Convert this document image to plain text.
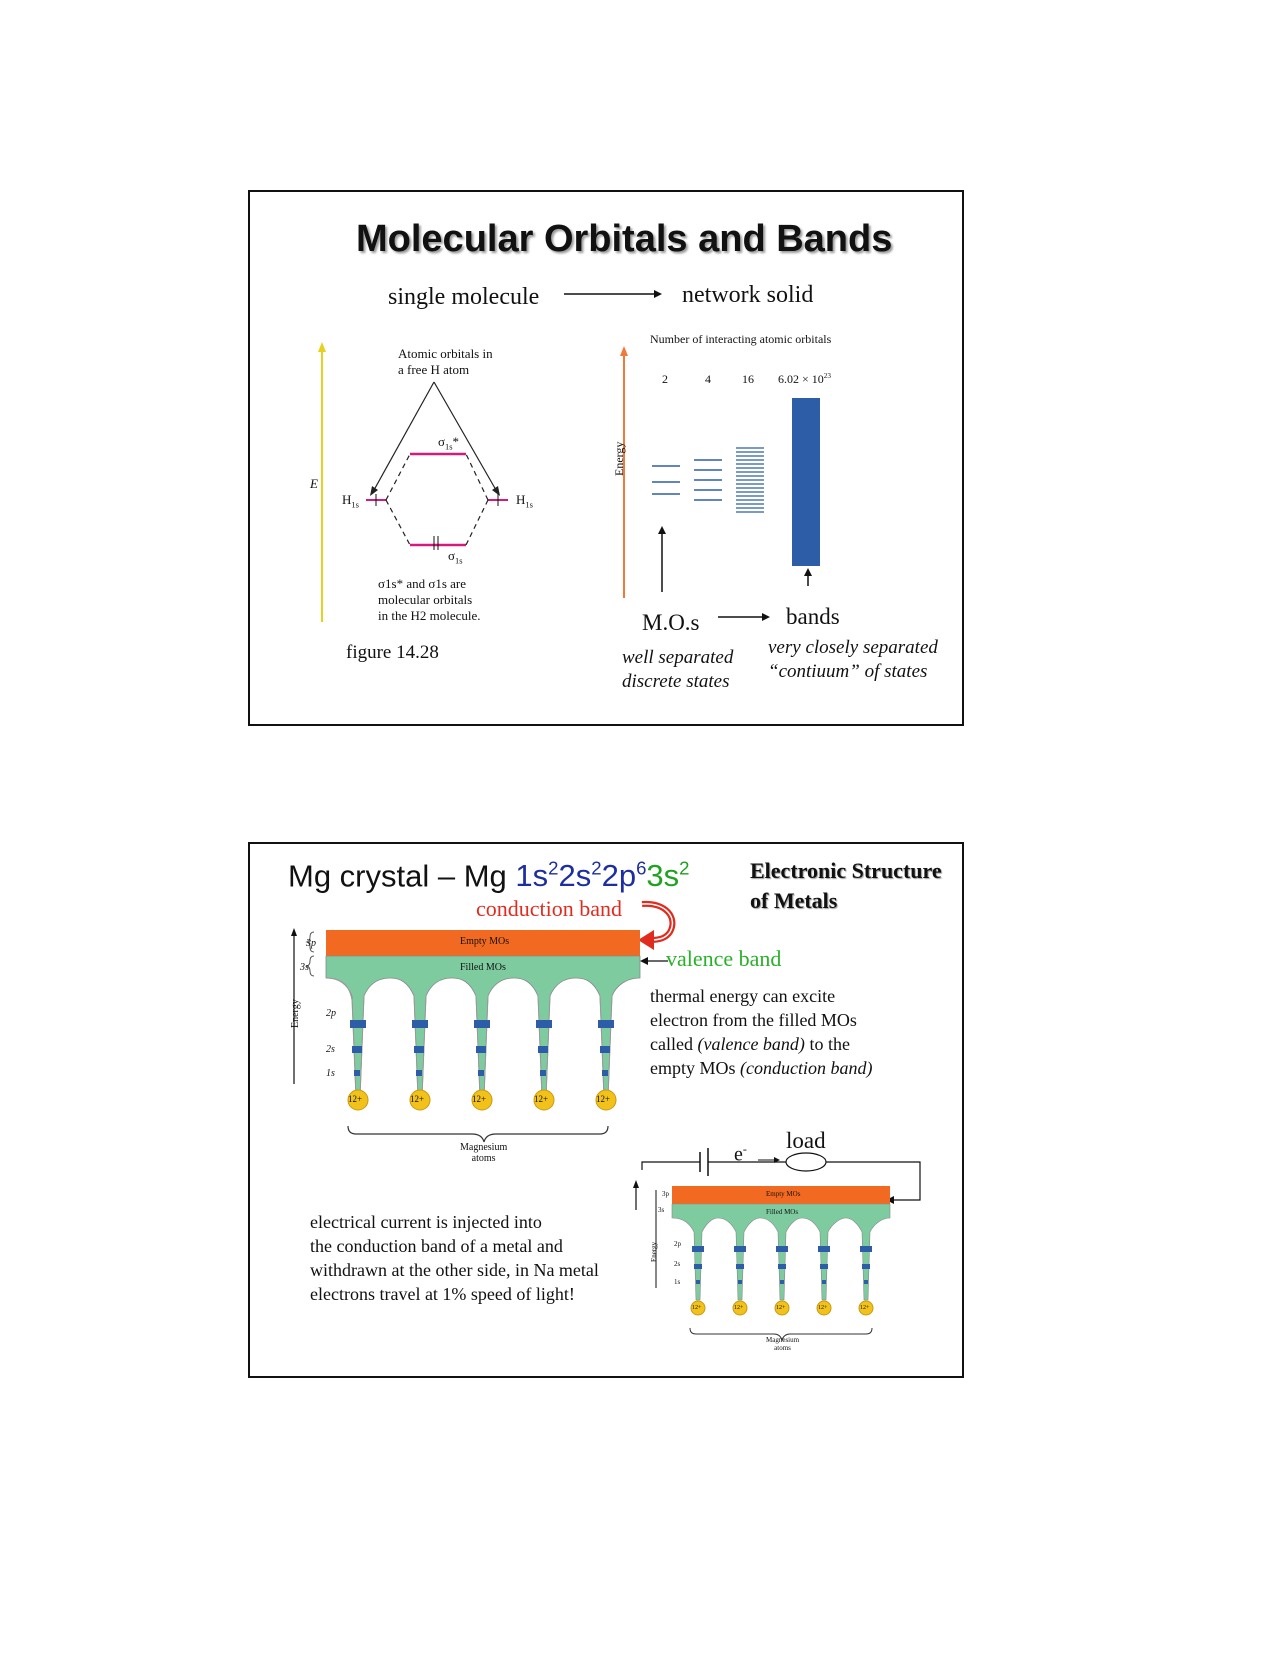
Molecular Orbitals and Bands
single molecule	network solid
Atomic orbitals in
a free H atom
E
$H_{1s}$	$H_{1s}$
$\sigma_{1s}*$
$\sigma_{1s}$
σ1s* and σ1s are
molecular orbitals
in the H2 molecule.
figure 14.28
Number of interacting atomic orbitals
2	4	16 $6.02 \times 10^{23}$
Energy
M.O.s	bands
well separated
discrete states
very closely separated
“contiuum” of states
Mg crystal – Mg $1s^22s^22p^63s^2$	Electronic Structure
of Metals
conduction band
Empty MOs
Filled MOs
3p
3s
2p
2s
1s
Energy
12+	12+	12+	12+	12+
Magnesium
atoms
valence band
thermal energy can excite
electron from the filled MOs
called (valence band) to the
empty MOs (conduction band)
e- load
Empty MOs
Filled MOs
3p
3s
2p
2s
1s
Energy
12+	12+	12+	12+	12+
Magnesium
atoms
electrical current is injected into
the conduction band of a metal and
withdrawn at the other side, in Na metal
electrons travel at 1% speed of light!
